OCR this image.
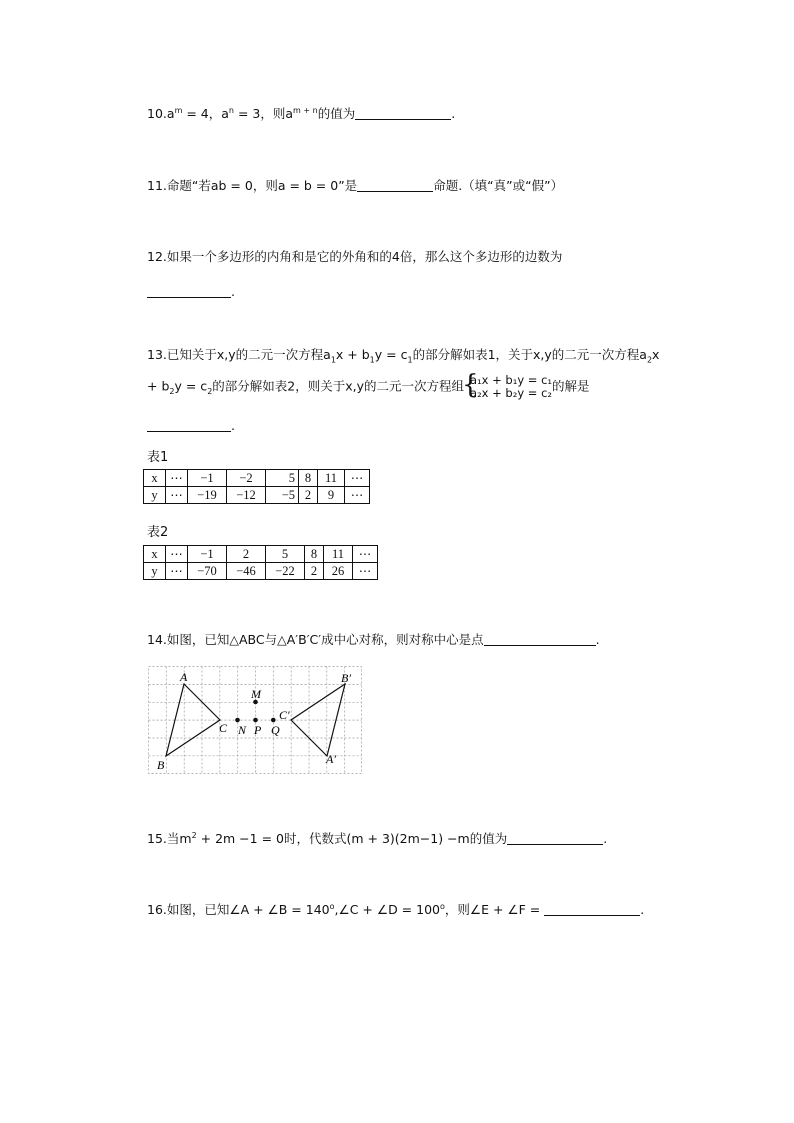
$10.a^m = 4$，$a^n = 3$，则$a^{m + n}$的值为	.
11.命题“若ab = 0，则a = b = 0”是	命题.（填“真”或“假”）
12.如果一个多边形的内角和是它的外角和的4倍，那么这个多边形的边数为
.
13.已知关于x,y的二元一次方程$a_1x + b_1y = c_1$的部分解如表1，关于x,y的二元一次方程$a_2x$
+ $b_2y = c_2$的部分解如表2，则关于x,y的二元一次方程组
{
a₁x + b₁y = c₁
a₂x + b₂y = c₂ 的解是
.
表1
x	⋯	−1	−2	5	8	11	⋯
y	⋯	−19	−12	−5	2	9	⋯
表2
x	⋯	−1	2	5	8	11	⋯
y	⋯	−70	−46	−22	2	26	⋯
14.如图，已知△ABC与△A′B′C′成中心对称，则对称中心是点	.
A
B
C
M
N P Q
C′
B′
A′
15.当$m^2 + 2m -1 = 0$时，代数式(m + 3)(2m−1) −m的值为	.
16.如图，已知∠A + ∠B = $140^o,\angle C$ + ∠D = $100^o$，则∠E + ∠F =	.
